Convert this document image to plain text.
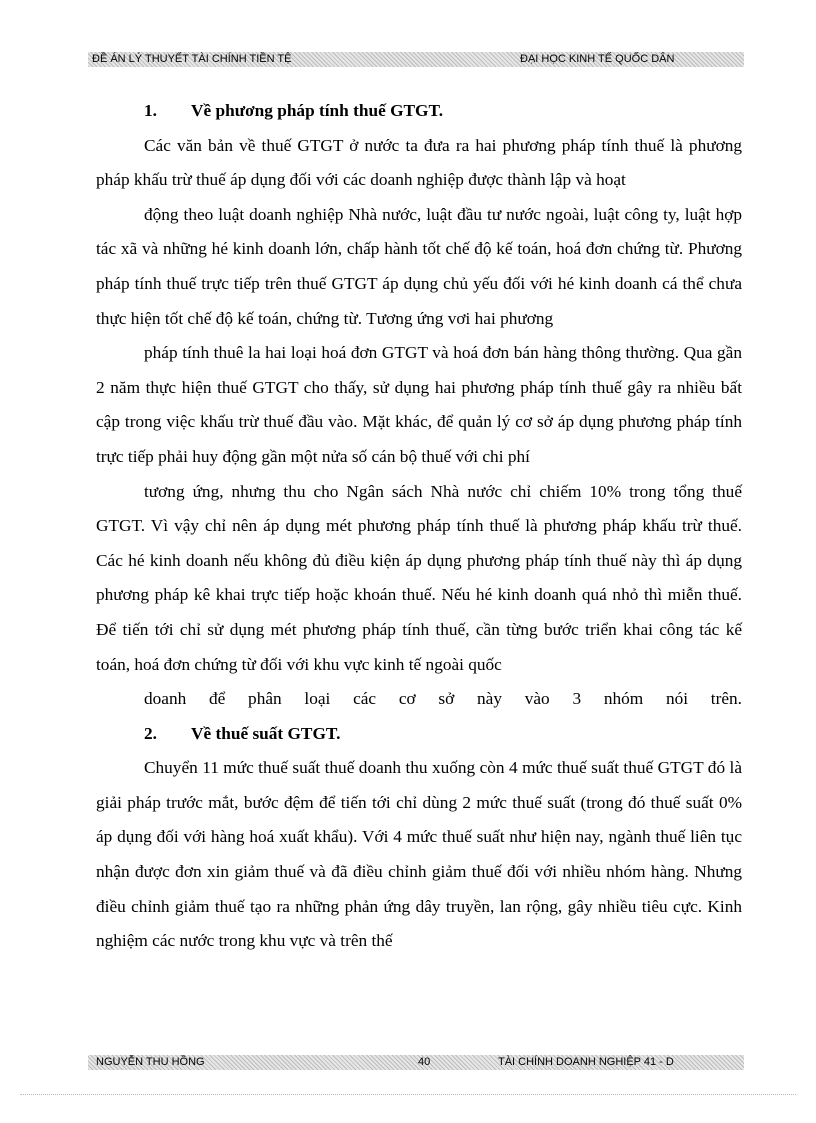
ĐỀ ÁN LÝ THUYẾT TÀI CHÍNH TIỀN TỆ	ĐẠI HỌC KINH TẾ QUỐC DÂN
1. Về phương pháp tính thuế GTGT.

Các văn bản về thuế GTGT ở nước ta đưa ra hai phương pháp tính thuế là phương pháp khấu trừ thuế áp dụng đối với các doanh nghiệp được thành lập và hoạt

động theo luật doanh nghiệp Nhà nước, luật đầu tư nước ngoài, luật công ty, luật hợp tác xã và những hé kinh doanh lớn, chấp hành tốt chế độ kế toán, hoá đơn chứng từ. Phương pháp tính thuế trực tiếp trên thuế GTGT áp dụng chủ yếu đối với hé kinh doanh cá thể chưa thực hiện tốt chế độ kế toán, chứng từ. Tương ứng vơi hai phương

pháp tính thuê la hai loại hoá đơn GTGT và hoá đơn bán hàng thông thường. Qua gần 2 năm thực hiện thuế GTGT cho thấy, sử dụng hai phương pháp tính thuế gây ra nhiều bất cập trong việc khấu trừ thuế đầu vào. Mặt khác, để quản lý cơ sở áp dụng phương pháp tính trực tiếp phải huy động gần một nửa số cán bộ thuế với chi phí

tương ứng, nhưng thu cho Ngân sách Nhà nước chỉ chiếm 10% trong tổng thuế GTGT. Vì vậy chỉ nên áp dụng mét phương pháp tính thuế là phương pháp khấu trừ thuế. Các hé kinh doanh nếu không đủ điều kiện áp dụng phương pháp tính thuế này thì áp dụng phương pháp kê khai trực tiếp hoặc khoán thuế. Nếu hé kinh doanh quá nhỏ thì miễn thuế. Để tiến tới chỉ sử dụng mét phương pháp tính thuế, cần từng bước triển khai công tác kế toán, hoá đơn chứng từ đối với khu vực kinh tế ngoài quốc

doanh để phân loại các cơ sở này vào 3 nhóm nói trên.

2. Về thuế suất GTGT.

Chuyển 11 mức thuế suất thuế doanh thu xuống còn 4 mức thuế suất thuế GTGT đó là giải pháp trước mắt, bước đệm để tiến tới chỉ dùng 2 mức thuế suất (trong đó thuế suất 0% áp dụng đối với hàng hoá xuất khẩu). Với 4 mức thuế suất như hiện nay, ngành thuế liên tục nhận được đơn xin giảm thuế và đã điều chỉnh giảm thuế đối với nhiều nhóm hàng. Nhưng điều chỉnh giảm thuế tạo ra những phản ứng dây truyền, lan rộng, gây nhiều tiêu cực. Kinh nghiệm các nước trong khu vực và trên thế

NGUYỄN THU HỒNG	40	TÀI CHÍNH DOANH NGHIỆP 41 - D
